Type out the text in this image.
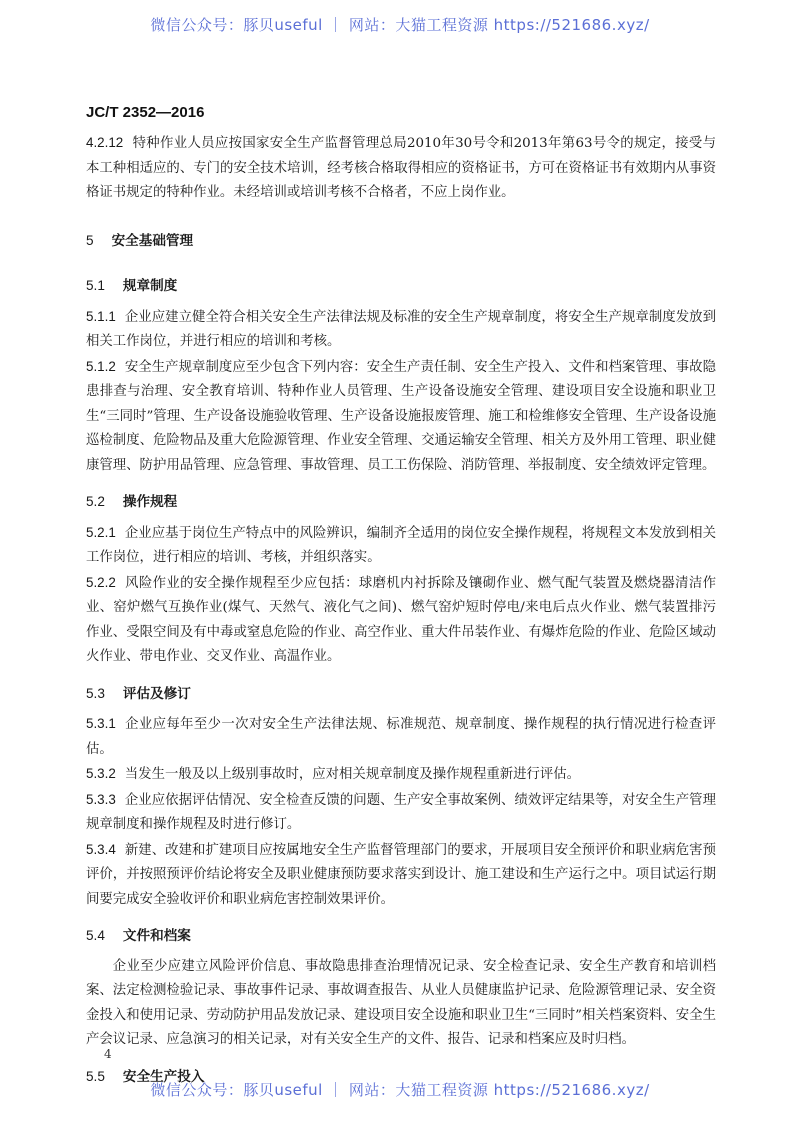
微信公众号：豚贝useful ｜ 网站：大猫工程资源 https://521686.xyz/
JC/T 2352—2016

4.2.12 特种作业人员应按国家安全生产监督管理总局2010年30号令和2013年第63号令的规定，接受与本工种相适应的、专门的安全技术培训，经考核合格取得相应的资格证书，方可在资格证书有效期内从事资格证书规定的特种作业。未经培训或培训考核不合格者，不应上岗作业。

5 安全基础管理
5.1 规章制度

5.1.1 企业应建立健全符合相关安全生产法律法规及标准的安全生产规章制度，将安全生产规章制度发放到相关工作岗位，并进行相应的培训和考核。

5.1.2 安全生产规章制度应至少包含下列内容：安全生产责任制、安全生产投入、文件和档案管理、事故隐患排查与治理、安全教育培训、特种作业人员管理、生产设备设施安全管理、建设项目安全设施和职业卫生“三同时”管理、生产设备设施验收管理、生产设备设施报废管理、施工和检维修安全管理、生产设备设施巡检制度、危险物品及重大危险源管理、作业安全管理、交通运输安全管理、相关方及外用工管理、职业健康管理、防护用品管理、应急管理、事故管理、员工工伤保险、消防管理、举报制度、安全绩效评定管理。

5.2 操作规程

5.2.1 企业应基于岗位生产特点中的风险辨识，编制齐全适用的岗位安全操作规程，将规程文本发放到相关工作岗位，进行相应的培训、考核，并组织落实。

5.2.2 风险作业的安全操作规程至少应包括：球磨机内衬拆除及镶砌作业、燃气配气装置及燃烧器清洁作业、窑炉燃气互换作业(煤气、天然气、液化气之间)、燃气窑炉短时停电/来电后点火作业、燃气装置排污作业、受限空间及有中毒或窒息危险的作业、高空作业、重大件吊装作业、有爆炸危险的作业、危险区域动火作业、带电作业、交叉作业、高温作业。

5.3 评估及修订

5.3.1 企业应每年至少一次对安全生产法律法规、标准规范、规章制度、操作规程的执行情况进行检查评估。

5.3.2 当发生一般及以上级别事故时，应对相关规章制度及操作规程重新进行评估。

5.3.3 企业应依据评估情况、安全检查反馈的问题、生产安全事故案例、绩效评定结果等，对安全生产管理规章制度和操作规程及时进行修订。

5.3.4 新建、改建和扩建项目应按属地安全生产监督管理部门的要求，开展项目安全预评价和职业病危害预评价，并按照预评价结论将安全及职业健康预防要求落实到设计、施工建设和生产运行之中。项目试运行期间要完成安全验收评价和职业病危害控制效果评价。

5.4 文件和档案

企业至少应建立风险评价信息、事故隐患排查治理情况记录、安全检查记录、安全生产教育和培训档案、法定检测检验记录、事故事件记录、事故调查报告、从业人员健康监护记录、危险源管理记录、安全资金投入和使用记录、劳动防护用品发放记录、建设项目安全设施和职业卫生“三同时”相关档案资料、安全生产会议记录、应急演习的相关记录，对有关安全生产的文件、报告、记录和档案应及时归档。

5.5 安全生产投入
4
微信公众号：豚贝useful ｜ 网站：大猫工程资源 https://521686.xyz/
